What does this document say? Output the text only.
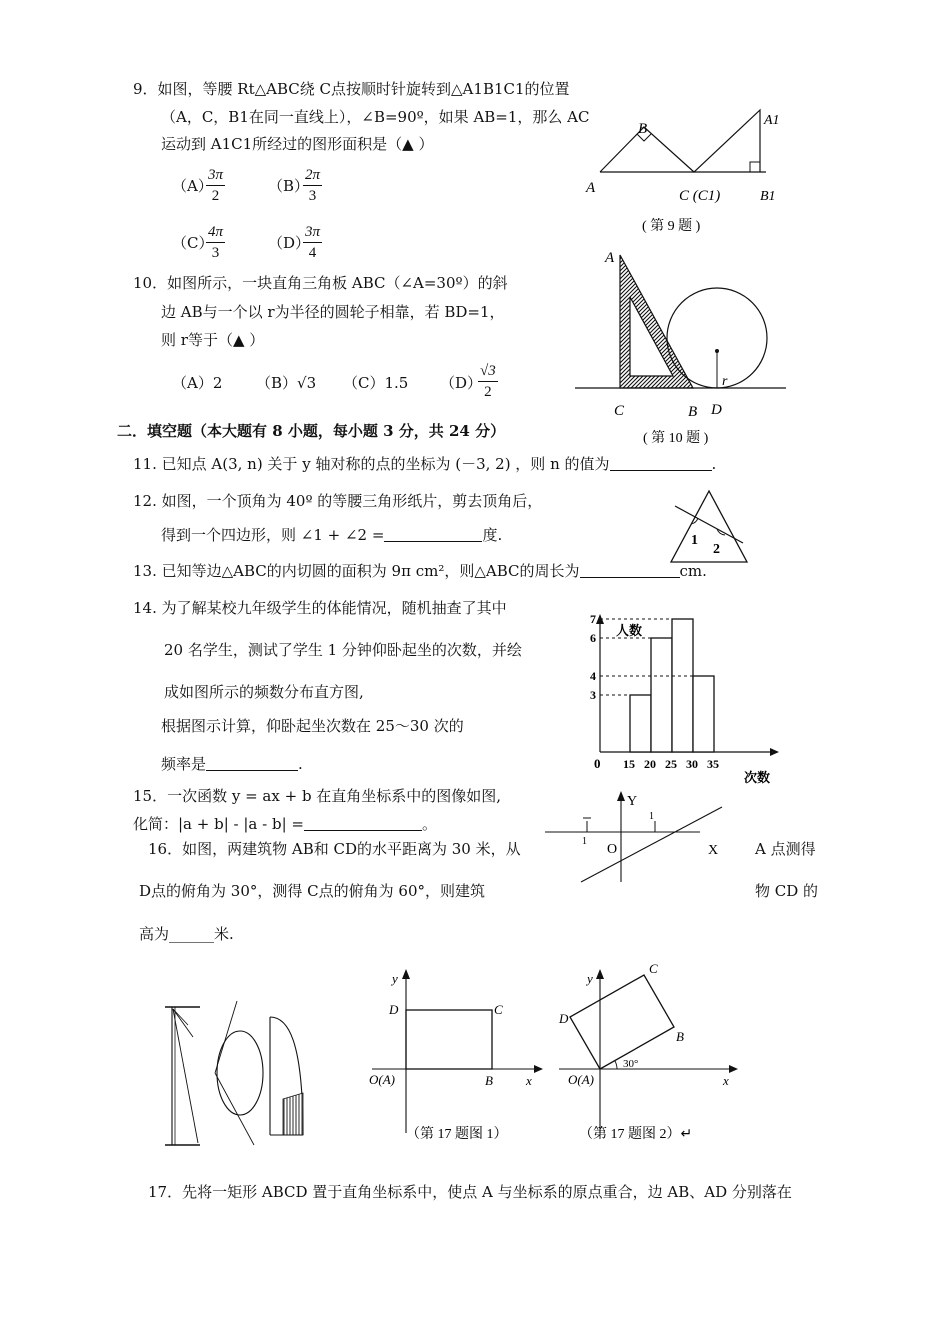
9．如图，等腰 Rt△ABC绕 C点按顺时针旋转到△A1B1C1的位置
（A，C，B1在同一直线上），∠B=90º，如果 AB=1，那么 AC
运动到 A1C1所经过的图形面积是（▲ ）
（A）
$\frac{3\pi}{2}$	（B）
$\frac{2\pi}{3}$
（C）
$\frac{4\pi}{3}$	（D）
$\frac{3\pi}{4}$
B
A1
A	C (C1)	B1
( 第 9 题 )
10．如图所示，一块直角三角板 ABC（∠A=30º）的斜
边 AB与一个以 r为半径的圆轮子相靠，若 BD=1，
则 r等于（▲ ）
（A）2 （B）√3 （C）1.5 （D）
$\frac{√3}{2}$
A
r
C	B D
( 第 10 题 )
二．填空题（本大题有 8 小题，每小题 3 分，共 24 分）
11. 已知点 A(3, n) 关于 y 轴对称的点的坐标为 (－3, 2) ，则 n 的值为	.
12. 如图，一个顶角为 40º 的等腰三角形纸片，剪去顶角后，
得到一个四边形，则 ∠1 + ∠2 =	度.	1
2
13. 已知等边△ABC的内切圆的面积为 9π cm²，则△ABC的周长为	cm.
14. 为了解某校九年级学生的体能情况，随机抽查了其中
20 名学生，测试了学生 1 分钟仰卧起坐的次数，并绘
成如图所示的频数分布直方图,
根据图示计算，仰卧起坐次数在 25～30 次的
频率是	.
人数
次数
0
3
4
6
7
15 20 25 30 35
15．一次函数 y = ax + b 在直角坐标系中的图像如图,
化简：|a + b| - |a - b| =	。
Y
X
O
1
1
16．如图，两建筑物 AB和 CD的水平距离为 30 米，从	A 点测得
D点的俯角为 30°，测得 C点的俯角为 60°，则建筑	物 CD 的
高为______米.
y
x
O(A)	B
C
D
（第 17 题图 1）
y
x
O(A)
B
C
D
30°
（第 17 题图 2）↵
17．先将一矩形 ABCD 置于直角坐标系中，使点 A 与坐标系的原点重合，边 AB、AD 分别落在
